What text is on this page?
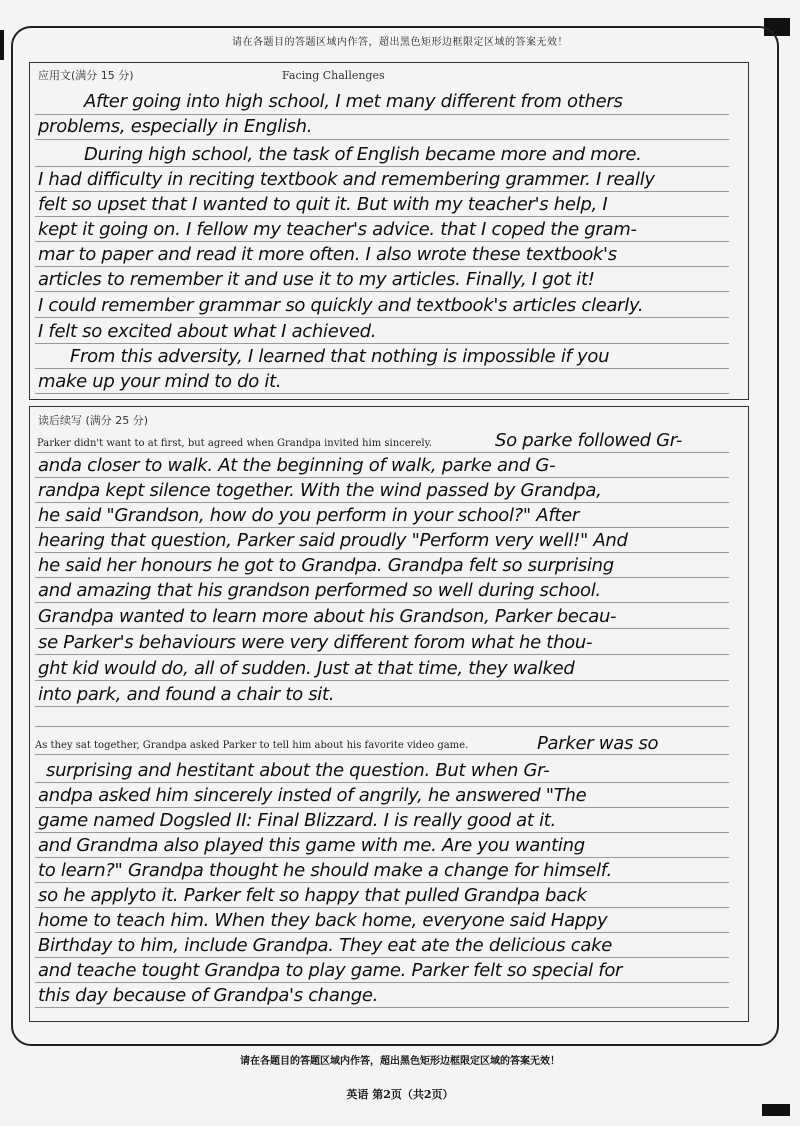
请在各题目的答题区域内作答，超出黑色矩形边框限定区域的答案无效！
应用文(满分 15 分)	Facing Challenges
After going into high school, I met many different from others
problems, especially in English.
During high school, the task of English became more and more.
I had difficulty in reciting textbook and remembering grammer. I really
felt so upset that I wanted to quit it. But with my teacher's help, I
kept it going on. I fellow my teacher's advice. that I coped the gram-
mar to paper and read it more often. I also wrote these textbook's
articles to remember it and use it to my articles. Finally, I got it!
I could remember grammar so quickly and textbook's articles clearly.
I felt so excited about what I achieved.
From this adversity, I learned that nothing is impossible if you
make up your mind to do it.
读后续写 (满分 25 分)
Parker didn't want to at first, but agreed when Grandpa invited him sincerely.	So parke followed Gr-
anda closer to walk. At the beginning of walk, parke and G-
randpa kept silence together. With the wind passed by Grandpa,
he said "Grandson, how do you perform in your school?" After
hearing that question, Parker said proudly "Perform very well!" And
he said her honours he got to Grandpa. Grandpa felt so surprising
and amazing that his grandson performed so well during school.
Grandpa wanted to learn more about his Grandson, Parker becau-
se Parker's behaviours were very different forom what he thou-
ght kid would do, all of sudden. Just at that time, they walked
into park, and found a chair to sit.
As they sat together, Grandpa asked Parker to tell him about his favorite video game.	Parker was so
surprising and hestitant about the question. But when Gr-
andpa asked him sincerely insted of angrily, he answered "The
game named Dogsled II: Final Blizzard. I is really good at it.
and Grandma also played this game with me. Are you wanting
to learn?" Grandpa thought he should make a change for himself.
so he applyto it. Parker felt so happy that pulled Grandpa back
home to teach him. When they back home, everyone said Happy
Birthday to him, include Grandpa. They eat ate the delicious cake
and teache tought Grandpa to play game. Parker felt so special for
this day because of Grandpa's change.
请在各题目的答题区域内作答，超出黑色矩形边框限定区域的答案无效！
英语 第2页（共2页）
